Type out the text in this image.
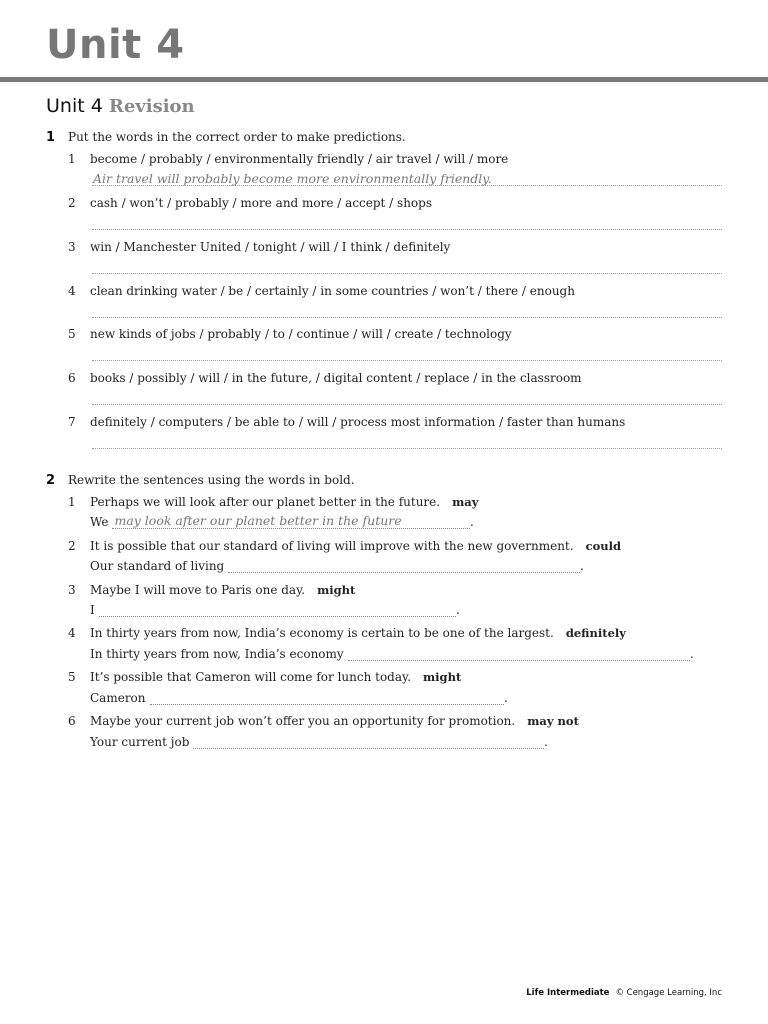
Unit 4
Unit 4 Revision
1 Put the words in the correct order to make predictions.
1 become / probably / environmentally friendly / air travel / will / more
Air travel will probably become more environmentally friendly.
2 cash / won’t / probably / more and more / accept / shops
3 win / Manchester United / tonight / will / I think / definitely
4 clean drinking water / be / certainly / in some countries / won’t / there / enough
5 new kinds of jobs / probably / to / continue / will / create / technology
6 books / possibly / will / in the future, / digital content / replace / in the classroom
7 definitely / computers / be able to / will / process most information / faster than humans
2 Rewrite the sentences using the words in bold.
1 Perhaps we will look after our planet better in the future. may
We may look after our planet better in the future	.
2 It is possible that our standard of living will improve with the new government. could
Our standard of living	.
3 Maybe I will move to Paris one day. might
I	.
4 In thirty years from now, India’s economy is certain to be one of the largest. definitely
In thirty years from now, India’s economy	.
5 It’s possible that Cameron will come for lunch today. might
Cameron	.
6 Maybe your current job won’t offer you an opportunity for promotion. may not
Your current job	.
Life Intermediate © Cengage Learning, Inc
